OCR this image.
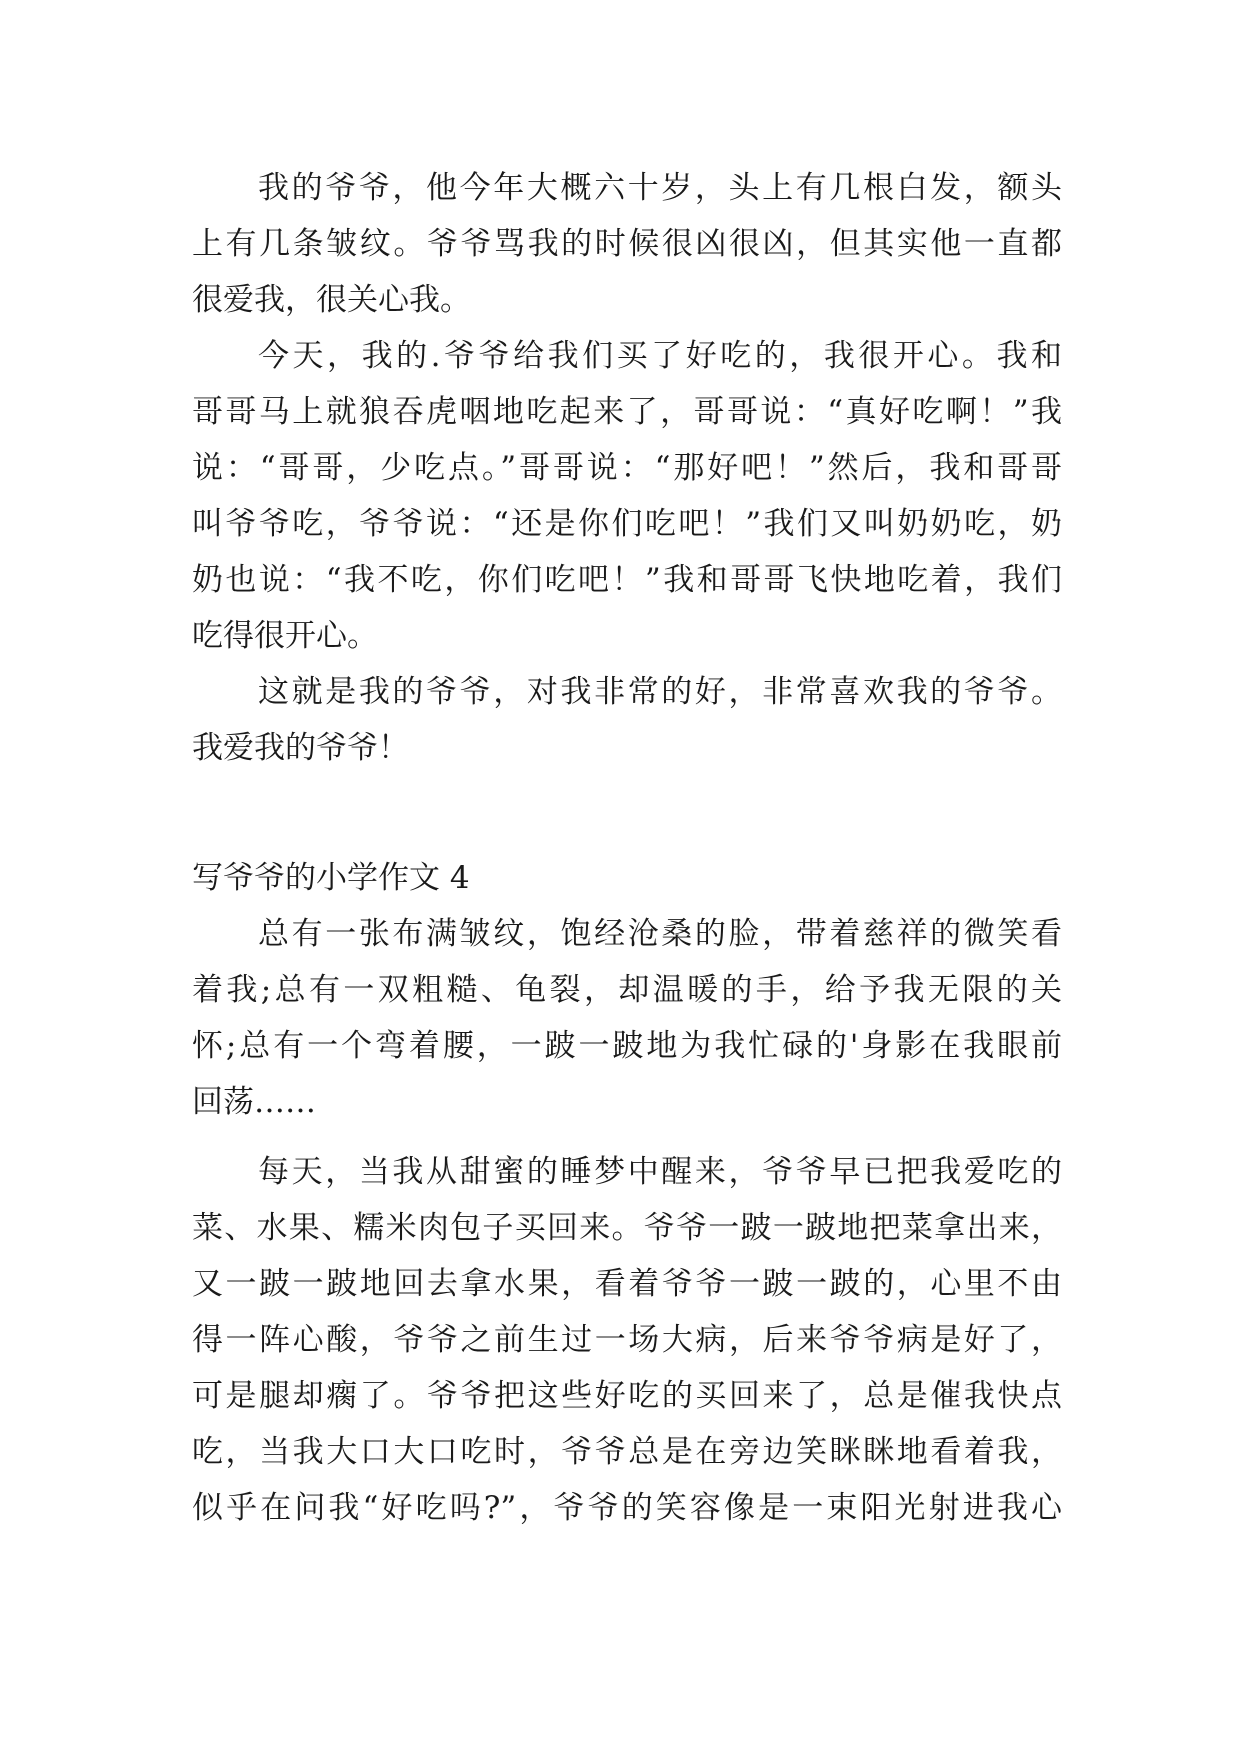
我的爷爷，他今年大概六十岁，头上有几根白发，额头
上有几条皱纹。爷爷骂我的时候很凶很凶，但其实他一直都
很爱我，很关心我。
今天，我的.爷爷给我们买了好吃的，我很开心。我和
哥哥马上就狼吞虎咽地吃起来了，哥哥说：“真好吃啊！”我
说：“哥哥，少吃点。”哥哥说：“那好吧！”然后，我和哥哥
叫爷爷吃，爷爷说：“还是你们吃吧！”我们又叫奶奶吃，奶
奶也说：“我不吃，你们吃吧！”我和哥哥飞快地吃着，我们
吃得很开心。
这就是我的爷爷，对我非常的好，非常喜欢我的爷爷。
我爱我的爷爷！
写爷爷的小学作文 4
总有一张布满皱纹，饱经沧桑的脸，带着慈祥的微笑看
着我;总有一双粗糙、龟裂，却温暖的手，给予我无限的关
怀;总有一个弯着腰，一跛一跛地为我忙碌的'身影在我眼前
回荡……
每天，当我从甜蜜的睡梦中醒来，爷爷早已把我爱吃的
菜、水果、糯米肉包子买回来。爷爷一跛一跛地把菜拿出来，
又一跛一跛地回去拿水果，看着爷爷一跛一跛的，心里不由
得一阵心酸，爷爷之前生过一场大病，后来爷爷病是好了，
可是腿却瘸了。爷爷把这些好吃的买回来了，总是催我快点
吃，当我大口大口吃时，爷爷总是在旁边笑眯眯地看着我，
似乎在问我“好吃吗?”，爷爷的笑容像是一束阳光射进我心
